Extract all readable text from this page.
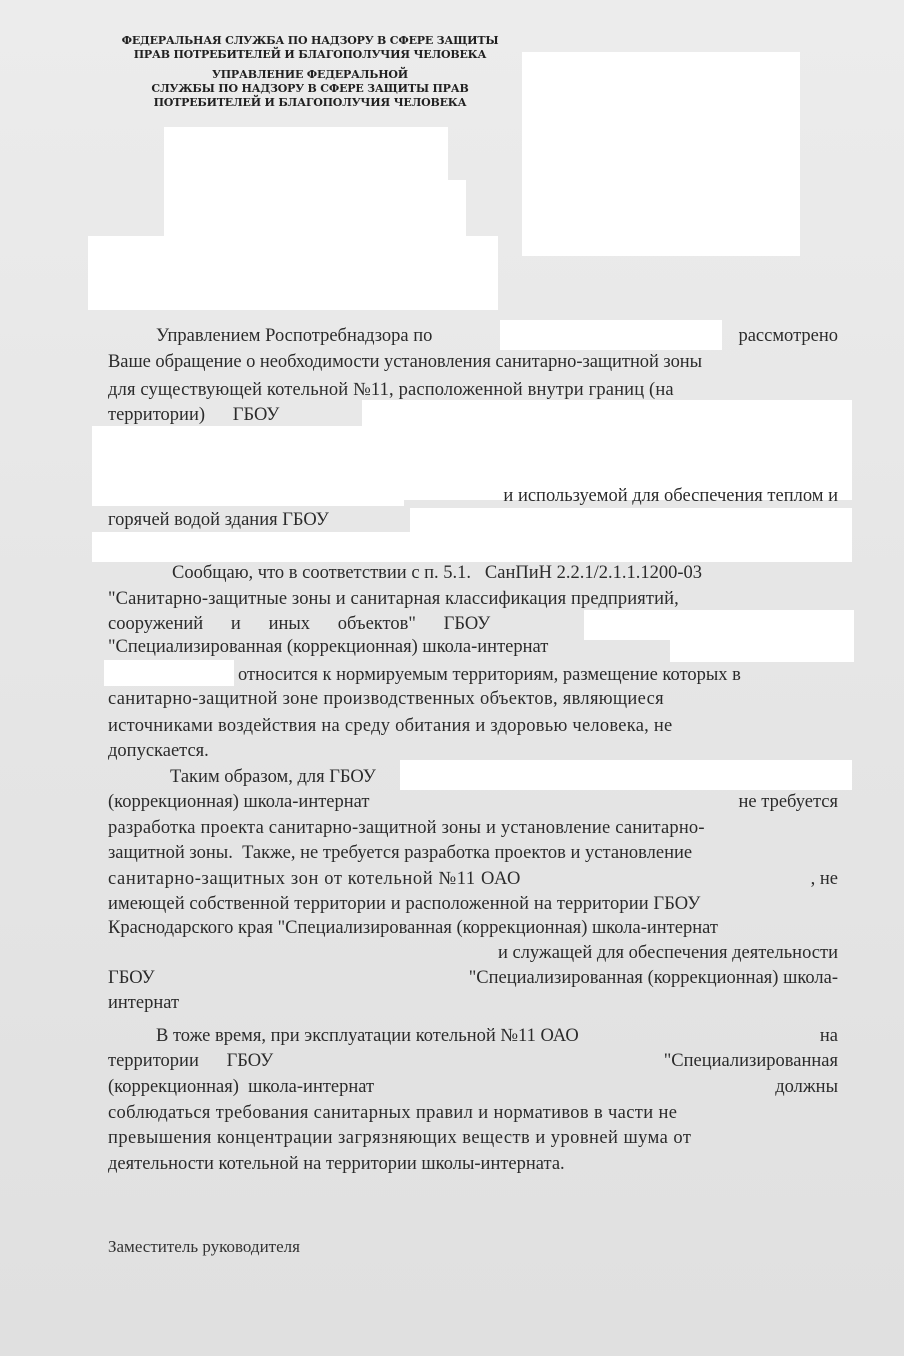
ФЕДЕРАЛЬНАЯ СЛУЖБА ПО НАДЗОРУ В СФЕРЕ ЗАЩИТЫ
ПРАВ ПОТРЕБИТЕЛЕЙ И БЛАГОПОЛУЧИЯ ЧЕЛОВЕКА
УПРАВЛЕНИЕ ФЕДЕРАЛЬНОЙ
СЛУЖБЫ ПО НАДЗОРУ В СФЕРЕ ЗАЩИТЫ ПРАВ
ПОТРЕБИТЕЛЕЙ И БЛАГОПОЛУЧИЯ ЧЕЛОВЕКА
Управлением Роспотребнадзора по	рассмотрено
Ваше обращение о необходимости установления санитарно-защитной зоны
для существующей котельной №11, расположенной внутри границ (на
территории)      ГБОУ
и используемой для обеспечения теплом и
горячей водой здания ГБОУ
Сообщаю, что в соответствии с п. 5.1.   СанПиН 2.2.1/2.1.1.1200-03
"Санитарно-защитные зоны и санитарная классификация предприятий,
сооружений      и      иных      объектов"      ГБОУ
"Специализированная (коррекционная) школа-интернат
относится к нормируемым территориям, размещение которых в
санитарно-защитной зоне производственных объектов, являющиеся
источниками воздействия на среду обитания и здоровью человека, не
допускается.
Таким образом, для ГБОУ
(коррекционная) школа-интернат	не требуется
разработка проекта санитарно-защитной зоны и установление санитарно-
защитной зоны.  Также, не требуется разработка проектов и установление
санитарно-защитных зон от котельной №11 ОАО	, не
имеющей собственной территории и расположенной на территории ГБОУ
Краснодарского края "Специализированная (коррекционная) школа-интернат
и служащей для обеспечения деятельности
ГБОУ	"Специализированная (коррекционная) школа-
интернат
В тоже время, при эксплуатации котельной №11 ОАО	на
территории      ГБОУ	"Специализированная
(коррекционная)  школа-интернат	должны
соблюдаться требования санитарных правил и нормативов в части не
превышения концентрации загрязняющих веществ и уровней шума от
деятельности котельной на территории школы-интерната.
Заместитель руководителя
